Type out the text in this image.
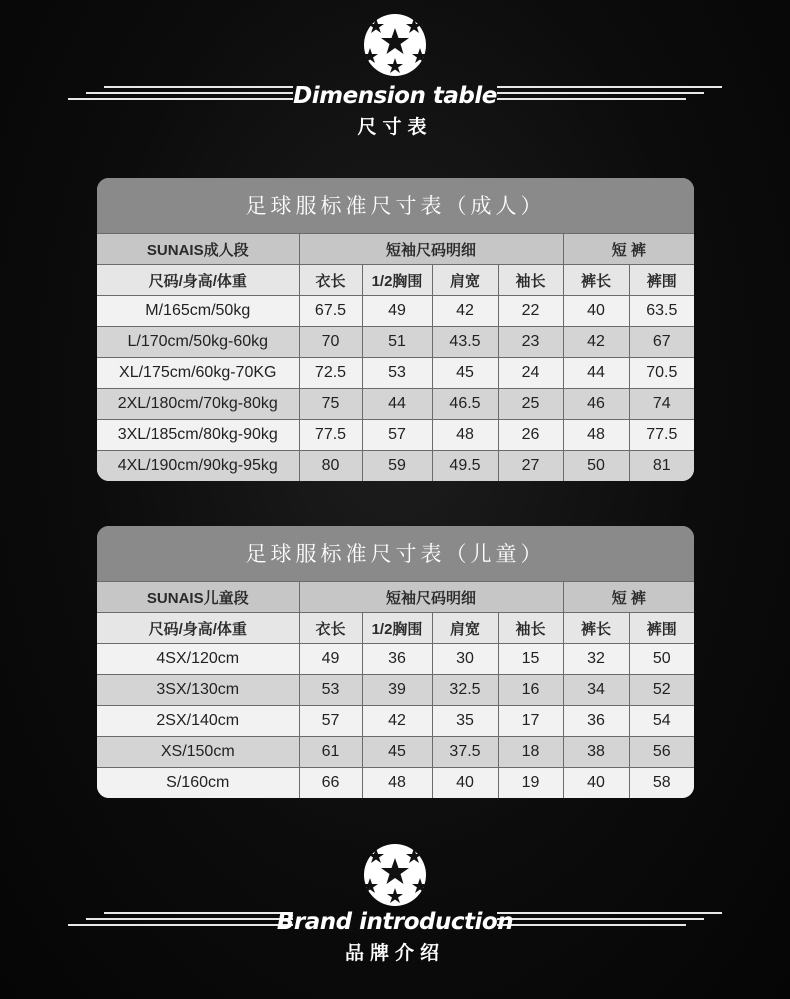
Dimension table
尺寸表
足球服标准尺寸表（成人）
SUNAIS成人段	短袖尺码明细				短 裤	
尺码/身高/体重	衣长	1/2胸围	肩宽	袖长	裤长	裤围
M/165cm/50kg	67.5	49	42	22	40	63.5
L/170cm/50kg-60kg	70	51	43.5	23	42	67
XL/175cm/60kg-70KG	72.5	53	45	24	44	70.5
2XL/180cm/70kg-80kg	75	44	46.5	25	46	74
3XL/185cm/80kg-90kg	77.5	57	48	26	48	77.5
4XL/190cm/90kg-95kg	80	59	49.5	27	50	81
足球服标准尺寸表（儿童）
SUNAIS儿童段	短袖尺码明细				短 裤	
尺码/身高/体重	衣长	1/2胸围	肩宽	袖长	裤长	裤围
4SX/120cm	49	36	30	15	32	50
3SX/130cm	53	39	32.5	16	34	52
2SX/140cm	57	42	35	17	36	54
XS/150cm	61	45	37.5	18	38	56
S/160cm	66	48	40	19	40	58
Brand introduction
品牌介绍
